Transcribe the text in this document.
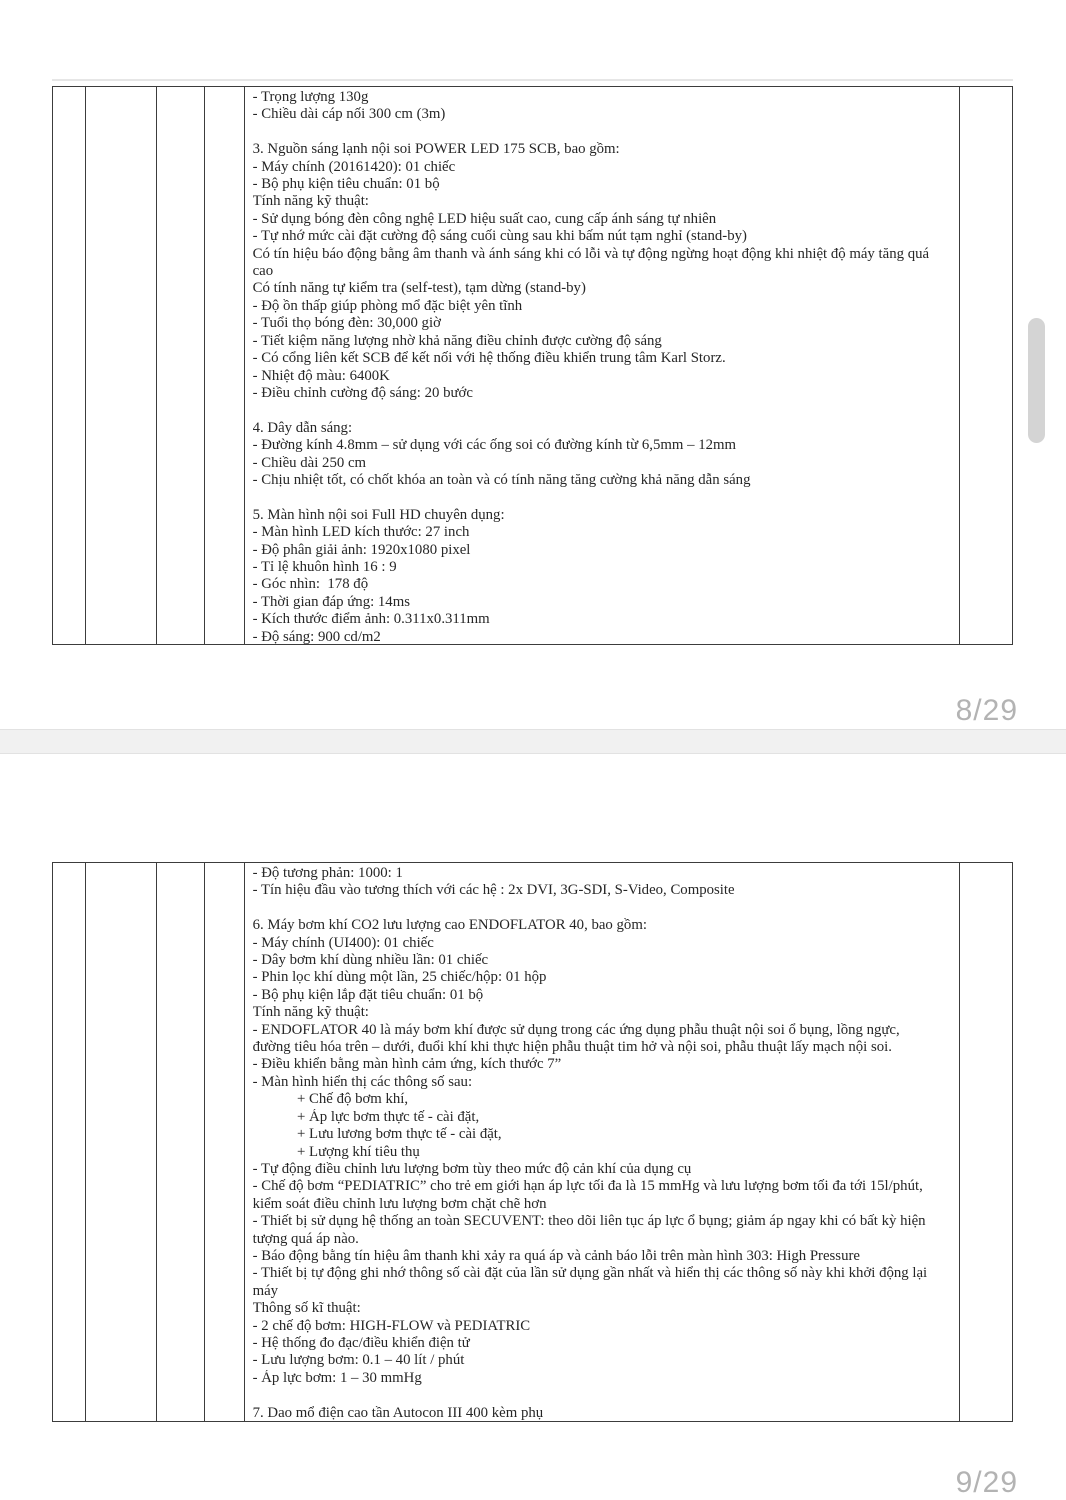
- Trọng lượng 130g
- Chiều dài cáp nối 300 cm (3m)

3. Nguồn sáng lạnh nội soi POWER LED 175 SCB, bao gồm:
- Máy chính (20161420): 01 chiếc
- Bộ phụ kiện tiêu chuẩn: 01 bộ
Tính năng kỹ thuật:
- Sử dụng bóng đèn công nghệ LED hiệu suất cao, cung cấp ánh sáng tự nhiên
- Tự nhớ mức cài đặt cường độ sáng cuối cùng sau khi bấm nút tạm nghỉ (stand-by)
Có tín hiệu báo động bằng âm thanh và ánh sáng khi có lỗi và tự động ngừng hoạt động khi nhiệt độ máy tăng quá
cao
Có tính năng tự kiểm tra (self-test), tạm dừng (stand-by)
- Độ ồn thấp giúp phòng mổ đặc biệt yên tĩnh
- Tuổi thọ bóng đèn: 30,000 giờ
- Tiết kiệm năng lượng nhờ khả năng điều chỉnh được cường độ sáng
- Có cổng liên kết SCB để kết nối với hệ thống điều khiển trung tâm Karl Storz.
- Nhiệt độ màu: 6400K
- Điều chỉnh cường độ sáng: 20 bước

4. Dây dẫn sáng:
- Đường kính 4.8mm – sử dụng với các ống soi có đường kính từ 6,5mm – 12mm
- Chiều dài 250 cm
- Chịu nhiệt tốt, có chốt khóa an toàn và có tính năng tăng cường khả năng dẫn sáng

5. Màn hình nội soi Full HD chuyên dụng:
- Màn hình LED kích thước: 27 inch
- Độ phân giải ảnh: 1920x1080 pixel
- Tỉ lệ khuôn hình 16 : 9
- Góc nhìn:  178 độ
- Thời gian đáp ứng: 14ms
- Kích thước điểm ảnh: 0.311x0.311mm
- Độ sáng: 900 cd/m2
8/29
- Độ tương phản: 1000: 1
- Tín hiệu đầu vào tương thích với các hệ : 2x DVI, 3G-SDI, S-Video, Composite

6. Máy bơm khí CO2 lưu lượng cao ENDOFLATOR 40, bao gồm:
- Máy chính (UI400): 01 chiếc
- Dây bơm khí dùng nhiều lần: 01 chiếc
- Phin lọc khí dùng một lần, 25 chiếc/hộp: 01 hộp
- Bộ phụ kiện lắp đặt tiêu chuẩn: 01 bộ
Tính năng kỹ thuật:
- ENDOFLATOR 40 là máy bơm khí được sử dụng trong các ứng dụng phẫu thuật nội soi ổ bụng, lồng ngực,
đường tiêu hóa trên – dưới, đuổi khí khi thực hiện phẫu thuật tim hở và nội soi, phẫu thuật lấy mạch nội soi.
- Điều khiển bằng màn hình cảm ứng, kích thước 7”
- Màn hình hiển thị các thông số sau:
+ Chế độ bơm khí,
+ Áp lực bơm thực tế - cài đặt,
+ Lưu lương bơm thực tế - cài đặt,
+ Lượng khí tiêu thụ
- Tự động điều chỉnh lưu lượng bơm tùy theo mức độ cản khí của dụng cụ
- Chế độ bơm “PEDIATRIC” cho trẻ em giới hạn áp lực tối đa là 15 mmHg và lưu lượng bơm tối đa tới 15l/phút,
kiểm soát điều chỉnh lưu lượng bơm chặt chẽ hơn
- Thiết bị sử dụng hệ thống an toàn SECUVENT: theo dõi liên tục áp lực ổ bụng; giảm áp ngay khi có bất kỳ hiện
tượng quá áp nào.
- Báo động bằng tín hiệu âm thanh khi xảy ra quá áp và cảnh báo lỗi trên màn hình 303: High Pressure
- Thiết bị tự động ghi nhớ thông số cài đặt của lần sử dụng gần nhất và hiển thị các thông số này khi khởi động lại
máy
Thông số kĩ thuật:
- 2 chế độ bơm: HIGH-FLOW và PEDIATRIC
- Hệ thống đo đạc/điều khiển điện tử
- Lưu lượng bơm: 0.1 – 40 lít / phút
- Áp lực bơm: 1 – 30 mmHg

7. Dao mổ điện cao tần Autocon III 400 kèm phụ
9/29
